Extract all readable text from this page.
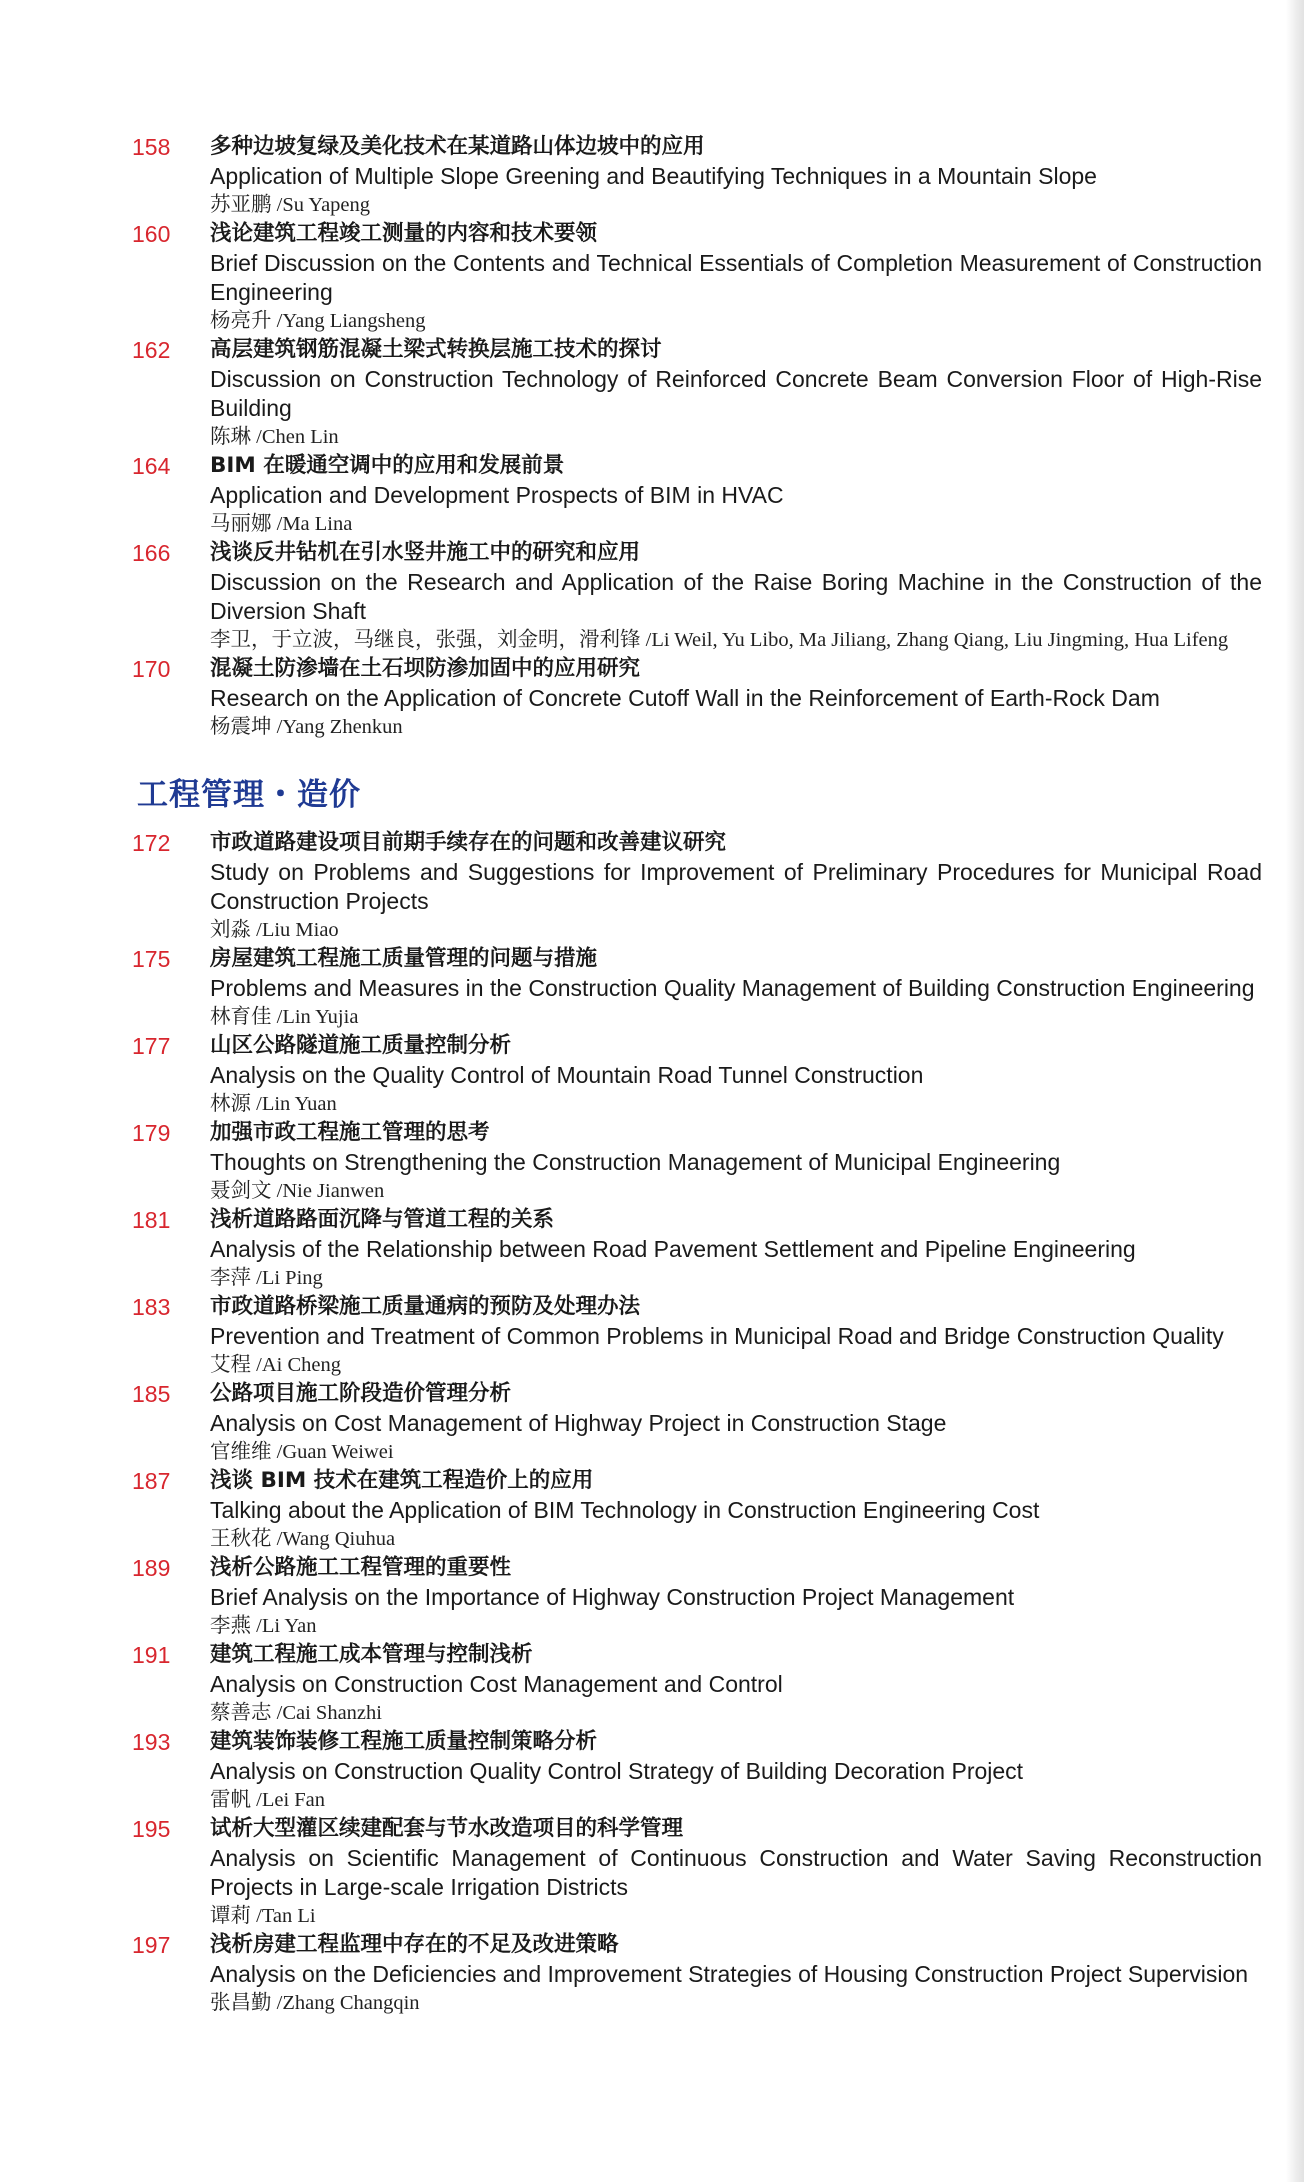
158 多种边坡复绿及美化技术在某道路山体边坡中的应用
Application of Multiple Slope Greening and Beautifying Techniques in a Mountain Slope
苏亚鹏 /Su Yapeng
160 浅论建筑工程竣工测量的内容和技术要领
Brief Discussion on the Contents and Technical Essentials of Completion Measurement of Construction Engineering
杨亮升 /Yang Liangsheng
162 高层建筑钢筋混凝土梁式转换层施工技术的探讨
Discussion on Construction Technology of Reinforced Concrete Beam Conversion Floor of High-Rise Building
陈琳 /Chen Lin
164 BIM 在暖通空调中的应用和发展前景
Application and Development Prospects of BIM in HVAC
马丽娜 /Ma Lina
166 浅谈反井钻机在引水竖井施工中的研究和应用
Discussion on the Research and Application of the Raise Boring Machine in the Construction of the Diversion Shaft
李卫，于立波，马继良，张强，刘金明，滑利锋 /Li Weil, Yu Libo, Ma Jiliang, Zhang Qiang, Liu Jingming, Hua Lifeng
170 混凝土防渗墙在土石坝防渗加固中的应用研究
Research on the Application of Concrete Cutoff Wall in the Reinforcement of Earth-Rock Dam
杨震坤 /Yang Zhenkun
工程管理・造价
172 市政道路建设项目前期手续存在的问题和改善建议研究
Study on Problems and Suggestions for Improvement of Preliminary Procedures for Municipal Road Construction Projects
刘淼 /Liu Miao
175 房屋建筑工程施工质量管理的问题与措施
Problems and Measures in the Construction Quality Management of Building Construction Engineering
林育佳 /Lin Yujia
177 山区公路隧道施工质量控制分析
Analysis on the Quality Control of Mountain Road Tunnel Construction
林源 /Lin Yuan
179 加强市政工程施工管理的思考
Thoughts on Strengthening the Construction Management of Municipal Engineering
聂剑文 /Nie Jianwen
181 浅析道路路面沉降与管道工程的关系
Analysis of the Relationship between Road Pavement Settlement and Pipeline Engineering
李萍 /Li Ping
183 市政道路桥梁施工质量通病的预防及处理办法
Prevention and Treatment of Common Problems in Municipal Road and Bridge Construction Quality
艾程 /Ai Cheng
185 公路项目施工阶段造价管理分析
Analysis on Cost Management of Highway Project in Construction Stage
官维维 /Guan Weiwei
187 浅谈 BIM 技术在建筑工程造价上的应用
Talking about the Application of BIM Technology in Construction Engineering Cost
王秋花 /Wang Qiuhua
189 浅析公路施工工程管理的重要性
Brief Analysis on the Importance of Highway Construction Project Management
李燕 /Li Yan
191 建筑工程施工成本管理与控制浅析
Analysis on Construction Cost Management and Control
蔡善志 /Cai Shanzhi
193 建筑装饰装修工程施工质量控制策略分析
Analysis on Construction Quality Control Strategy of Building Decoration Project
雷帆 /Lei Fan
195 试析大型灌区续建配套与节水改造项目的科学管理
Analysis on Scientific Management of Continuous Construction and Water Saving Reconstruction Projects in Large-scale Irrigation Districts
谭莉 /Tan Li
197 浅析房建工程监理中存在的不足及改进策略
Analysis on the Deficiencies and Improvement Strategies of Housing Construction Project Supervision
张昌勤 /Zhang Changqin
